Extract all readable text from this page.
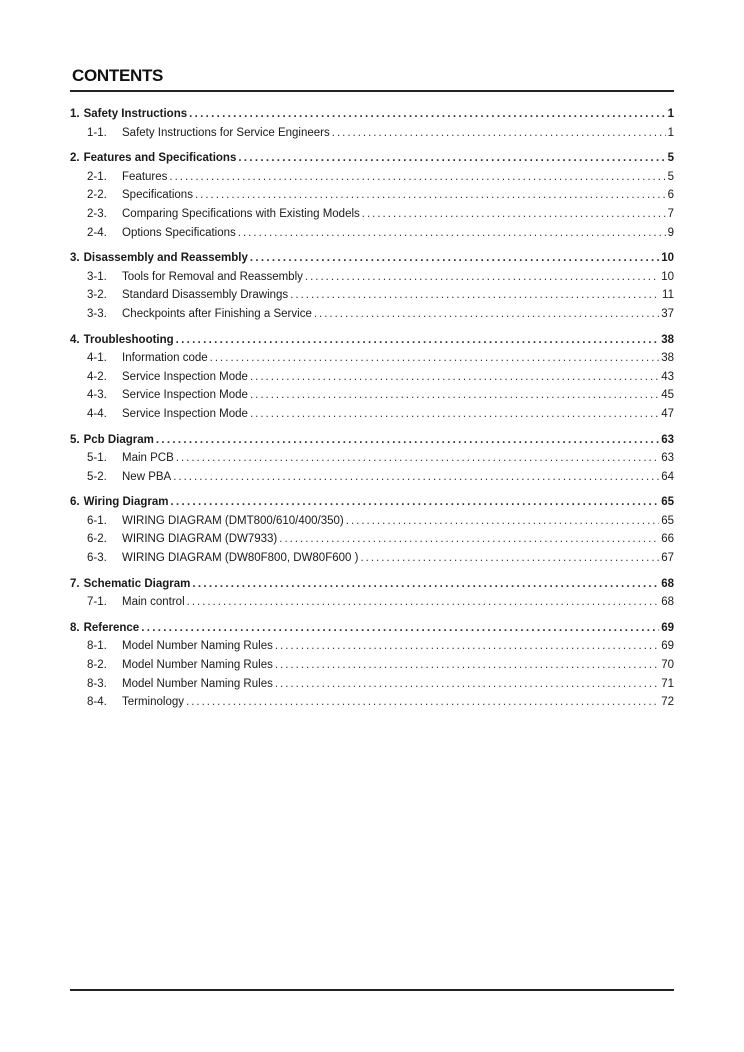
CONTENTS
1. Safety Instructions .....	1
1-1.	Safety Instructions for Service Engineers .....	1
2. Features and Specifications .....	5
2-1.	Features .....	5
2-2.	Specifications .....	6
2-3.	Comparing Specifications with Existing Models .....	7
2-4.	Options Specifications .....	9
3. Disassembly and Reassembly .....	10
3-1.	Tools for Removal and Reassembly .....	10
3-2.	Standard Disassembly Drawings .....	11
3-3.	Checkpoints after Finishing a Service .....	37
4. Troubleshooting .....	38
4-1.	Information code .....	38
4-2.	Service Inspection Mode .....	43
4-3.	Service Inspection Mode .....	45
4-4.	Service Inspection Mode .....	47
5. Pcb Diagram .....	63
5-1.	Main PCB .....	63
5-2.	New PBA .....	64
6. Wiring Diagram .....	65
6-1.	WIRING DIAGRAM (DMT800/610/400/350) .....	65
6-2.	WIRING DIAGRAM (DW7933) .....	66
6-3.	WIRING DIAGRAM (DW80F800, DW80F600 ) .....	67
7. Schematic Diagram .....	68
7-1.	Main control .....	68
8. Reference .....	69
8-1.	Model Number Naming Rules .....	69
8-2.	Model Number Naming Rules .....	70
8-3.	Model Number Naming Rules .....	71
8-4.	Terminology .....	72
